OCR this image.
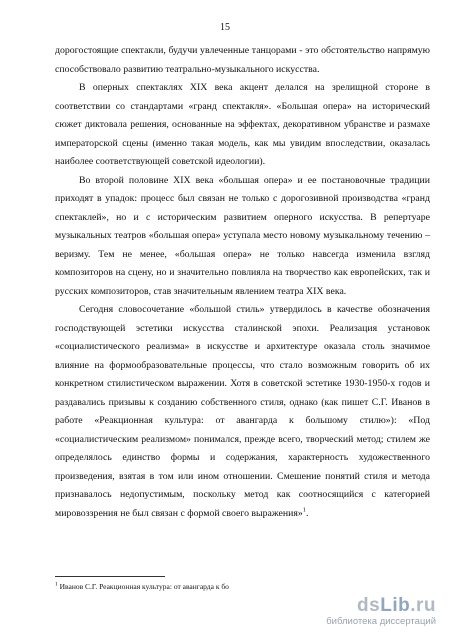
15

дорогостоящие спектакли, будучи увлеченные танцорами - это обстоятельство напрямую способствовало развитию театрально-музыкального искусства.

В оперных спектаклях XIX века акцент делался на зрелищной стороне в соответствии со стандартами «гранд спектакля». «Большая опера» на исторический сюжет диктовала решения, основанные на эффектах, декоративном убранстве и размахе императорской сцены (именно такая модель, как мы увидим впоследствии, оказалась наиболее соответствующей советской идеологии).

Во второй половине XIX века «большая опера» и ее постановочные традиции приходят в упадок: процесс был связан не только с дорогозивной производства «гранд спектаклей», но и с историческим развитием оперного искусства. В репертуаре музыкальных театров «большая опера» уступала место новому музыкальному течению – веризму. Тем не менее, «большая опера» не только навсегда изменила взгляд композиторов на сцену, но и значительно повлияла на творчество как европейских, так и русских композиторов, став значительным явлением театра XIX века.

Сегодня словосочетание «большой стиль» утвердилось в качестве обозначения господствующей эстетики искусства сталинской эпохи. Реализация установок «социалистического реализма» в искусстве и архитектуре оказала столь значимое влияние на формообразовательные процессы, что стало возможным говорить об их конкретном стилистическом выражении. Хотя в советской эстетике 1930-1950-х годов и раздавались призывы к созданию собственного стиля, однако (как пишет С.Г. Иванов в работе «Реакционная культура: от авангарда к большому стилю»): «Под «социалистическим реализмом» понимался, прежде всего, творческий метод; стилем же определялось единство формы и содержания, характерность художественного произведения, взятая в том или ином отношении. Смешение понятий стиля и метода признавалось недопустимым, поскольку метод как соотносящийся с категорией мировоззрения не был связан с формой своего выражения»$^1$.

$^1$ Иванов С.Г. Реакционная культура: от авангарда к бо
dsLib.ru
библиотека диссертаций
